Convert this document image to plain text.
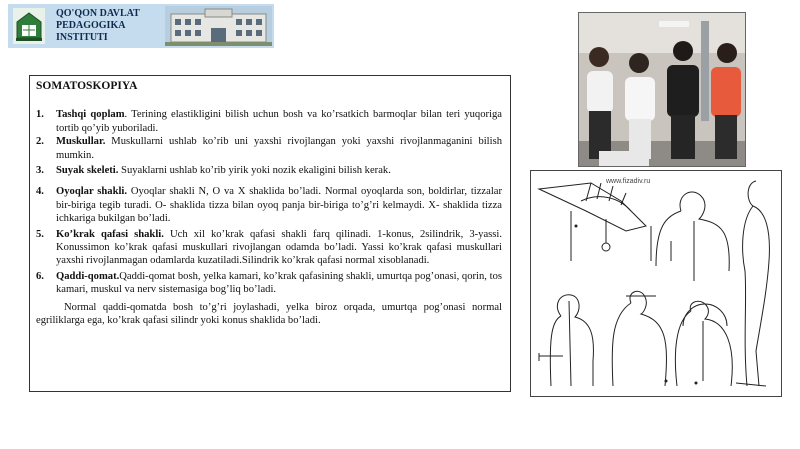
QO'QON DAVLAT
PEDAGOGIKA
INSTITUTI
SOMATOSKOPIYA
1.	Tashqi qoplam. Terining elastikligini bilish uchun bosh va ko’rsatkich barmoqlar bilan teri yuqoriga tortib qo’yib yuboriladi.
2.	Muskullar. Muskullarni ushlab ko’rib uni yaxshi rivojlangan yoki yaxshi rivojlanmaganini bilish mumkin.
3.	Suyak skeleti. Suyaklarni ushlab ko’rib yirik yoki nozik ekaligini bilish kerak.
4.	Oyoqlar shakli. Oyoqlar shakli N, O va X shaklida bo’ladi. Normal oyoqlarda son, boldirlar, tizzalar bir-biriga tegib turadi. O- shaklida tizza bilan oyoq panja bir-biriga to’g’ri kelmaydi. X- shaklida tizza ichkariga bukilgan bo’ladi.
5.	Ko’krak qafasi shakli. Uch xil ko’krak qafasi shakli farq qilinadi. 1-konus, 2silindrik, 3-yassi. Konussimon ko’krak qafasi muskullari rivojlangan odamda bo’ladi. Yassi ko’krak qafasi muskullari yaxshi rivojlanmagan odamlarda kuzatiladi.Silindrik ko’krak qafasi normal xisoblanadi.
6.	Qaddi-qomat.Qaddi-qomat bosh, yelka kamari, ko’krak qafasining shakli, umurtqa pog’onasi, qorin, tos kamari, muskul va nerv sistemasiga bog’liq bo’ladi.
Normal qaddi-qomatda bosh to’g’ri joylashadi, yelka biroz orqada, umurtqa pog’onasi normal egriliklarga ega, ko’krak qafasi silindr yoki konus shaklida bo’ladi.
www.fizadiv.ru
